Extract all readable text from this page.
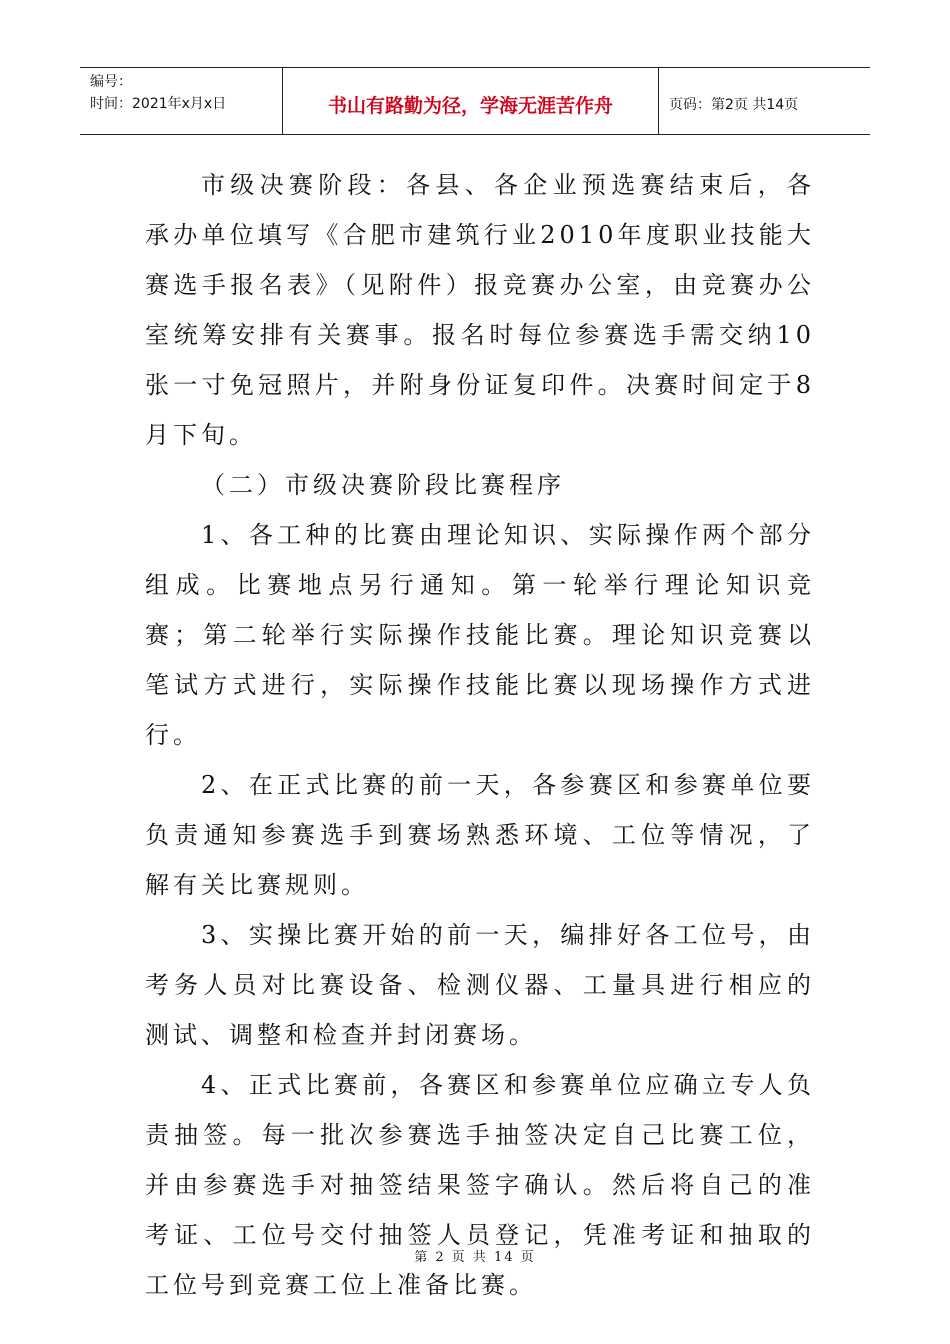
编号：
时间：2021年x月x日	书山有路勤为径，学海无涯苦作舟	页码：第2页 共14页

市级决赛阶段：各县、各企业预选赛结束后，各承办单位填写《合肥市建筑行业2010年度职业技能大赛选手报名表》（见附件）报竞赛办公室，由竞赛办公室统筹安排有关赛事。报名时每位参赛选手需交纳10张一寸免冠照片，并附身份证复印件。决赛时间定于8月下旬。

（二）市级决赛阶段比赛程序

1、各工种的比赛由理论知识、实际操作两个部分组成。比赛地点另行通知。第一轮举行理论知识竞赛；第二轮举行实际操作技能比赛。理论知识竞赛以笔试方式进行，实际操作技能比赛以现场操作方式进行。

2、在正式比赛的前一天，各参赛区和参赛单位要负责通知参赛选手到赛场熟悉环境、工位等情况，了解有关比赛规则。

3、实操比赛开始的前一天，编排好各工位号，由考务人员对比赛设备、检测仪器、工量具进行相应的测试、调整和检查并封闭赛场。

4、正式比赛前，各赛区和参赛单位应确立专人负责抽签。每一批次参赛选手抽签决定自己比赛工位，并由参赛选手对抽签结果签字确认。然后将自己的准考证、工位号交付抽签人员登记，凭准考证和抽取的工位号到竞赛工位上准备比赛。

第 2 页 共 14 页
